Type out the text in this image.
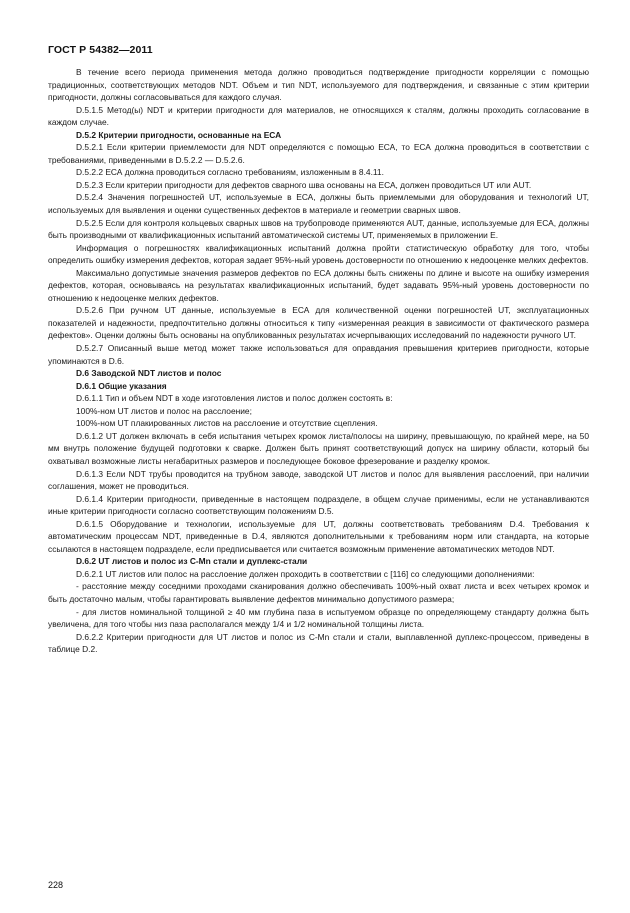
ГОСТ Р 54382—2011

В течение всего периода применения метода должно проводиться подтверждение пригодности корреляции с помощью традиционных, соответствующих методов NDT. Объем и тип NDT, используемого для подтверждения, и связанные с этим критерии пригодности, должны согласовываться для каждого случая.

D.5.1.5 Метод(ы) NDT и критерии пригодности для материалов, не относящихся к сталям, должны проходить согласование в каждом случае.

D.5.2 Критерии пригодности, основанные на ЕСА

D.5.2.1 Если критерии приемлемости для NDT определяются с помощью ЕСА, то ЕСА должна проводиться в соответствии с требованиями, приведенными в D.5.2.2 — D.5.2.6.

D.5.2.2 ЕСА должна проводиться согласно требованиям, изложенным в 8.4.11.

D.5.2.3 Если критерии пригодности для дефектов сварного шва основаны на ЕСА, должен проводиться UT или AUT.

D.5.2.4 Значения погрешностей UT, используемые в ЕСА, должны быть приемлемыми для оборудования и технологий UT, используемых для выявления и оценки существенных дефектов в материале и геометрии сварных швов.

D.5.2.5 Если для контроля кольцевых сварных швов на трубопроводе применяются AUT, данные, используемые для ЕСА, должны быть производными от квалификационных испытаний автоматической системы UT, применяемых в приложении Е.

Информация о погрешностях квалификационных испытаний должна пройти статистическую обработку для того, чтобы определить ошибку измерения дефектов, которая задает 95%-ный уровень достоверности по отношению к недооценке мелких дефектов.

Максимально допустимые значения размеров дефектов по ЕСА должны быть снижены по длине и высоте на ошибку измерения дефектов, которая, основываясь на результатах квалификационных испытаний, будет задавать 95%-ный уровень достоверности по отношению к недооценке мелких дефектов.

D.5.2.6 При ручном UT данные, используемые в ЕСА для количественной оценки погрешностей UT, эксплуатационных показателей и надежности, предпочтительно должны относиться к типу «измеренная реакция в зависимости от фактического размера дефектов». Оценки должны быть основаны на опубликованных результатах исчерпывающих исследований по надежности ручного UT.

D.5.2.7 Описанный выше метод может также использоваться для оправдания превышения критериев пригодности, которые упоминаются в D.6.

D.6 Заводской NDT листов и полос

D.6.1 Общие указания

D.6.1.1 Тип и объем NDT в ходе изготовления листов и полос должен состоять в:

100%-ном UT листов и полос на расслоение;

100%-ном UT плакированных листов на расслоение и отсутствие сцепления.

D.6.1.2 UT должен включать в себя испытания четырех кромок листа/полосы на ширину, превышающую, по крайней мере, на 50 мм внутрь положение будущей подготовки к сварке. Должен быть принят соответствующий допуск на ширину области, который бы охватывал возможные листы негабаритных размеров и последующее боковое фрезерование и разделку кромок.

D.6.1.3 Если NDT трубы проводится на трубном заводе, заводской UT листов и полос для выявления расслоений, при наличии соглашения, может не проводиться.

D.6.1.4 Критерии пригодности, приведенные в настоящем подразделе, в общем случае применимы, если не устанавливаются иные критерии пригодности согласно соответствующим положениям D.5.

D.6.1.5 Оборудование и технологии, используемые для UT, должны соответствовать требованиям D.4. Требования к автоматическим процессам NDT, приведенные в D.4, являются дополнительными к требованиям норм или стандарта, на которые ссылаются в настоящем подразделе, если предписывается или считается возможным применение автоматических методов NDT.

D.6.2 UT листов и полос из C-Mn стали и дуплекс-стали

D.6.2.1 UT листов или полос на расслоение должен проходить в соответствии с [116] со следующими дополнениями:

- расстояние между соседними проходами сканирования должно обеспечивать 100%-ный охват листа и всех четырех кромок и быть достаточно малым, чтобы гарантировать выявление дефектов минимально допустимого размера;

- для листов номинальной толщиной ≥ 40 мм глубина паза в испытуемом образце по определяющему стандарту должна быть увеличена, для того чтобы низ паза располагался между 1/4 и 1/2 номинальной толщины листа.

D.6.2.2 Критерии пригодности для UT листов и полос из C-Mn стали и стали, выплавленной дуплекс-процессом, приведены в таблице D.2.

228
